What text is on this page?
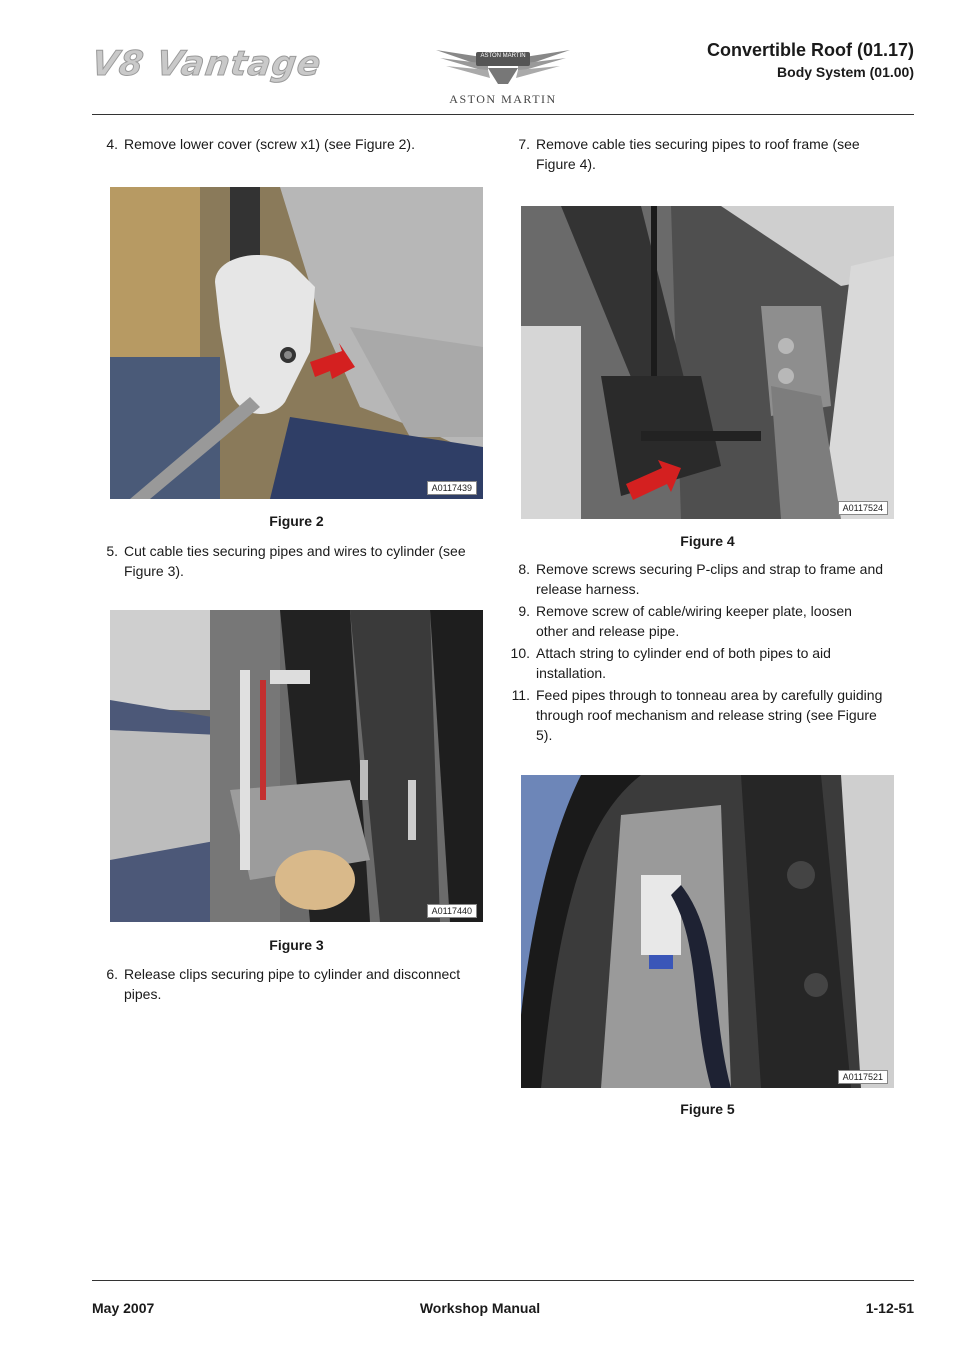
V8 Vantage	ASTON MARTIN
ASTON MARTIN
Convertible Roof (01.17)
Body System (01.00)
4. Remove lower cover (screw x1) (see Figure 2).
A0117439
Figure 2
5. Cut cable ties securing pipes and wires to cylinder (see
Figure 3).
A0117440
Figure 3
6. Release clips securing pipe to cylinder and disconnect
pipes.
7. Remove cable ties securing pipes to roof frame (see
Figure 4).
A0117524
Figure 4
8. Remove screws securing P-clips and strap to frame and
release harness.
9. Remove screw of cable/wiring keeper plate, loosen
other and release pipe.
10. Attach string to cylinder end of both pipes to aid
installation.
11. Feed pipes through to tonneau area by carefully guiding
through roof mechanism and release string (see Figure
5).
A0117521
Figure 5
May 2007	Workshop Manual	1-12-51
